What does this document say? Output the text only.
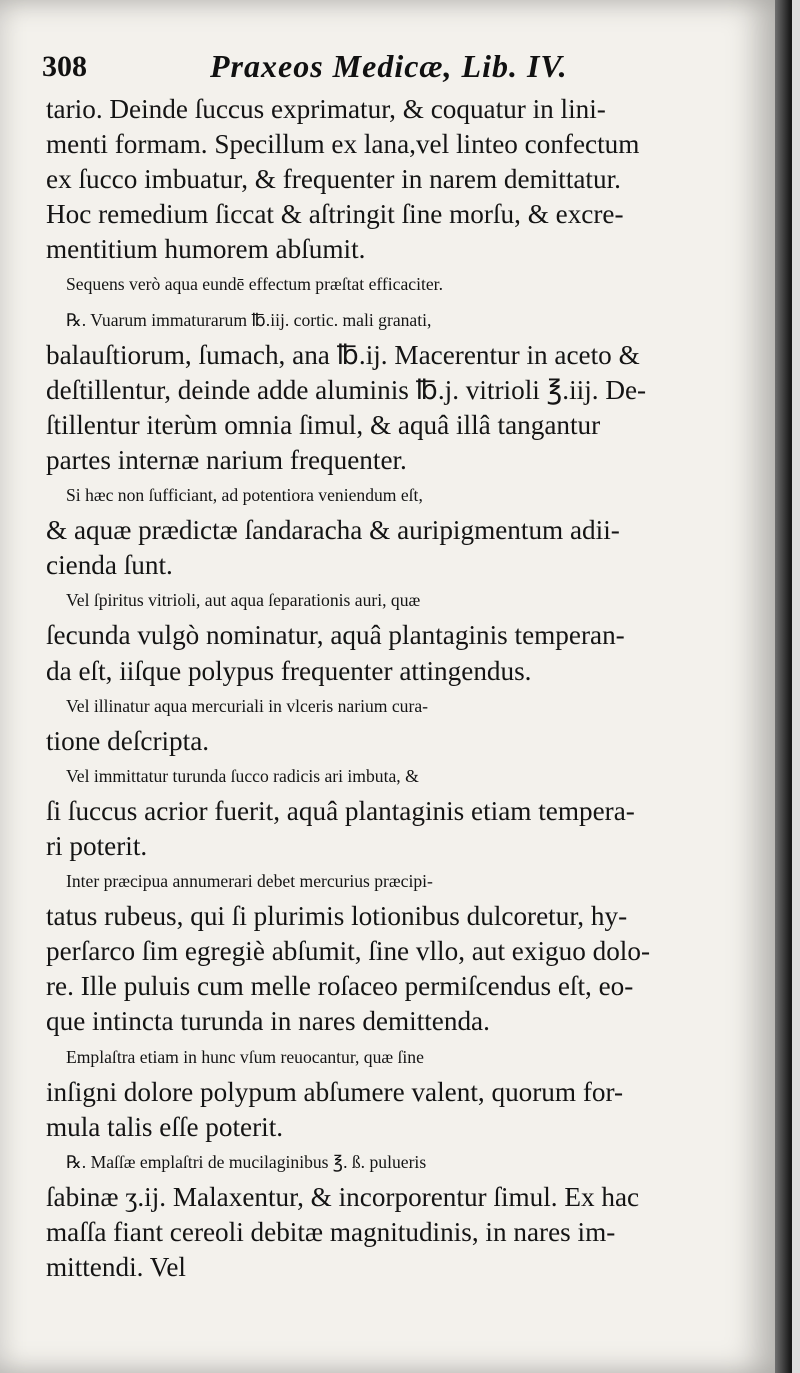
308	Praxeos Medicæ, Lib. IV.
tario. Deinde ſuccus exprimatur, & coquatur in lini-
menti formam. Specillum ex lana,vel linteo confectum
ex ſucco imbuatur, & frequenter in narem demittatur.
Hoc remedium ſiccat & aſtringit ſine morſu, & excre-
mentitium humorem abſumit.
Sequens verò aqua eundē effectum præſtat efficaciter.
℞. Vuarum immaturarum ℔.iij. cortic. mali granati,
balauſtiorum, ſumach, ana ℔.ij. Macerentur in aceto &
deſtillentur, deinde adde aluminis ℔.j. vitrioli ℥.iij. De-
ſtillentur iterùm omnia ſimul, & aquâ illâ tangantur
partes internæ narium frequenter.
Si hæc non ſufficiant, ad potentiora veniendum eſt,
& aquæ prædictæ ſandaracha & auripigmentum adii-
cienda ſunt.
Vel ſpiritus vitrioli, aut aqua ſeparationis auri, quæ
ſecunda vulgò nominatur, aquâ plantaginis temperan-
da eſt, iiſque polypus frequenter attingendus.
Vel illinatur aqua mercuriali in vlceris narium cura-
tione deſcripta.
Vel immittatur turunda ſucco radicis ari imbuta, &
ſi ſuccus acrior fuerit, aquâ plantaginis etiam tempera-
ri poterit.
Inter præcipua annumerari debet mercurius præcipi-
tatus rubeus, qui ſi plurimis lotionibus dulcoretur, hy-
perſarco ſim egregiè abſumit, ſine vllo, aut exiguo dolo-
re. Ille puluis cum melle roſaceo permiſcendus eſt, eo-
que intincta turunda in nares demittenda.
Emplaſtra etiam in hunc vſum reuocantur, quæ ſine
inſigni dolore polypum abſumere valent, quorum for-
mula talis eſſe poterit.
℞. Maſſæ emplaſtri de mucilaginibus ℥. ß. pulueris
ſabinæ ʒ.ij. Malaxentur, & incorporentur ſimul. Ex hac
maſſa fiant cereoli debitæ magnitudinis, in nares im-
mittendi. Vel
